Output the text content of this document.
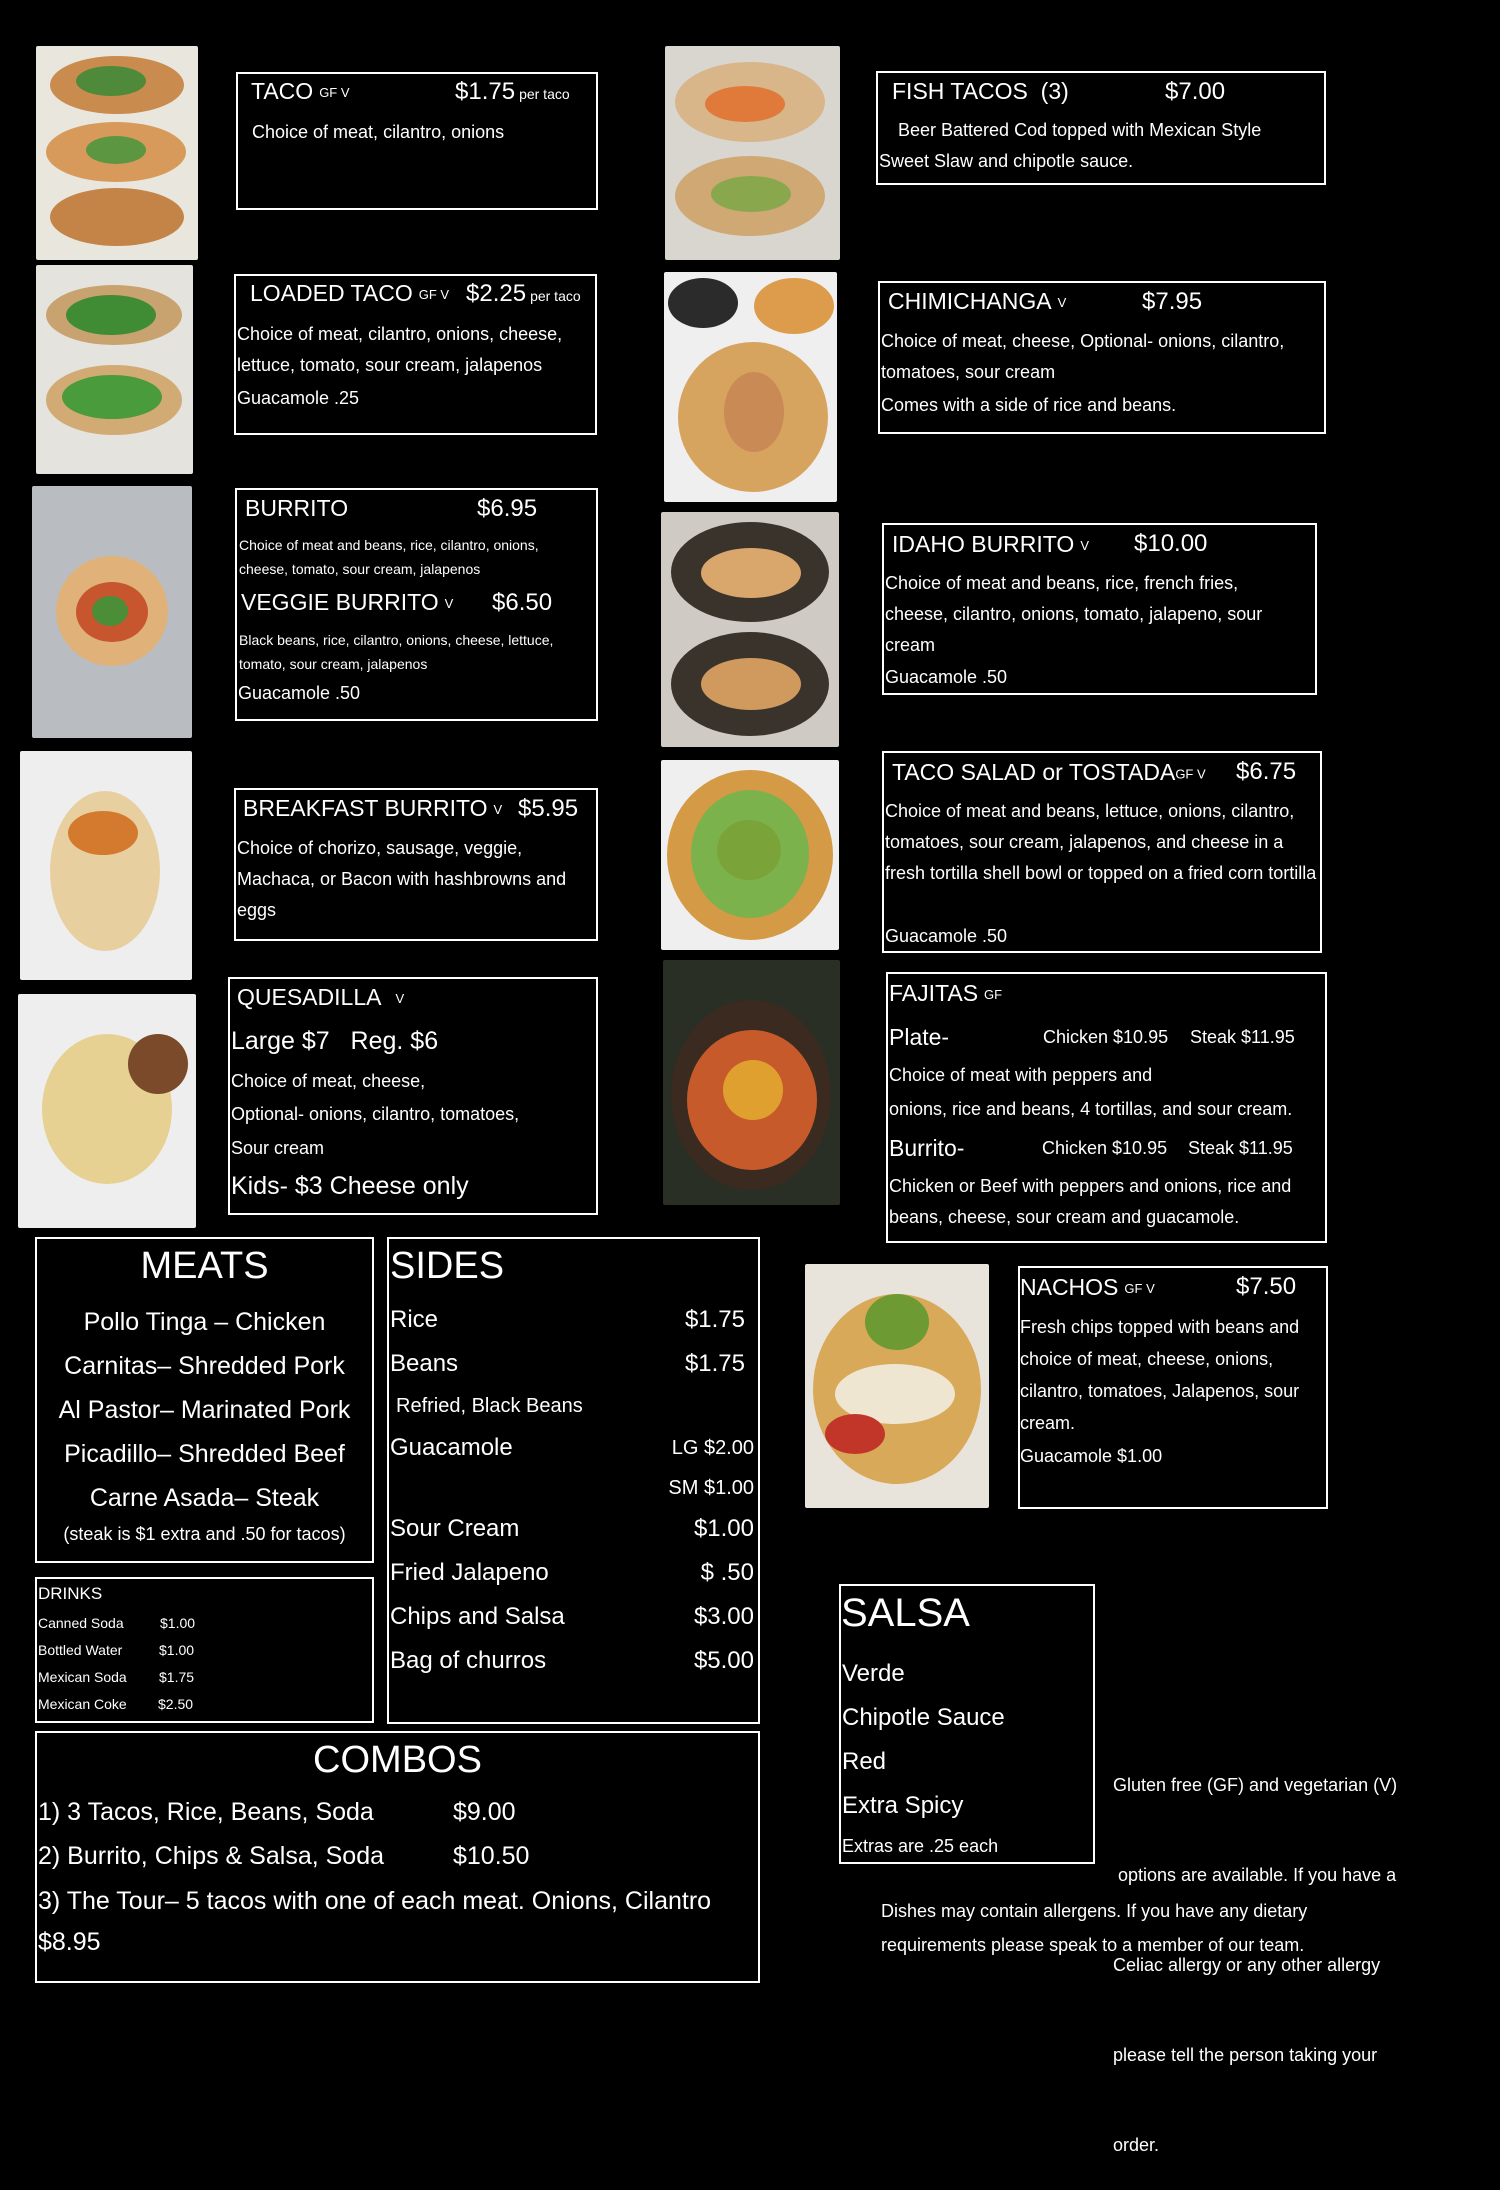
TACO GF V	$1.75 per taco
Choice of meat, cilantro, onions
LOADED TACO GF V $2.25 per taco
Choice of meat, cilantro, onions, cheese, lettuce, tomato, sour cream, jalapenos
Guacamole .25
BURRITO	$6.95
Choice of meat and beans, rice, cilantro, onions, cheese, tomato, sour cream, jalapenos
VEGGIE BURRITO V $6.50
Black beans, rice, cilantro, onions, cheese, lettuce, tomato, sour cream, jalapenos
Guacamole .50
BREAKFAST BURRITO V $5.95
Choice of chorizo, sausage, veggie, Machaca, or Bacon with hashbrowns and eggs
QUESADILLA V
Large $7   Reg. $6
Choice of meat, cheese,
Optional- onions, cilantro, tomatoes,
Sour cream
Kids- $3 Cheese only
FISH TACOS  (3)	$7.00
Beer Battered Cod topped with Mexican Style
Sweet Slaw and chipotle sauce.
CHIMICHANGA V	$7.95
Choice of meat, cheese, Optional- onions, cilantro, tomatoes, sour cream
Comes with a side of rice and beans.
IDAHO BURRITO V $10.00
Choice of meat and beans, rice, french fries, cheese, cilantro, onions, tomato, jalapeno, sour cream
Guacamole .50
TACO SALAD or TOSTADAGF V $6.75
Choice of meat and beans, lettuce, onions, cilantro, tomatoes, sour cream, jalapenos, and cheese in a fresh tortilla shell bowl or topped on a fried corn tortilla
Guacamole .50
FAJITAS GF
Plate-	Chicken $10.95 Steak $11.95
Choice of meat with peppers and
onions, rice and beans, 4 tortillas, and sour cream.
Burrito-	Chicken $10.95 Steak $11.95
Chicken or Beef with peppers and onions, rice and beans, cheese, sour cream and guacamole.
NACHOS GF V	$7.50
Fresh chips topped with beans and choice of meat, cheese, onions, cilantro, tomatoes, Jalapenos, sour cream.
Guacamole $1.00
MEATS
Pollo Tinga – Chicken
Carnitas– Shredded Pork
Al Pastor– Marinated Pork
Picadillo– Shredded Beef
Carne Asada– Steak
(steak is $1 extra and .50 for tacos)
SIDES
Rice	$1.75
Beans	$1.75
Refried, Black Beans
Guacamole	LG $2.00
SM $1.00
Sour Cream	$1.00
Fried Jalapeno	$ .50
Chips and Salsa	$3.00
Bag of churros	$5.00
DRINKS
Canned Soda	$1.00
Bottled Water	$1.00
Mexican Soda $1.75
Mexican Coke $2.50
COMBOS
1) 3 Tacos, Rice, Beans, Soda	$9.00
2) Burrito, Chips & Salsa, Soda	$10.50
3) The Tour– 5 tacos with one of each meat. Onions, Cilantro
$8.95
SALSA
Verde
Chipotle Sauce
Red
Extra Spicy
Extras are .25 each

Gluten free (GF) and vegetarian (V)

options are available. If you have a

Celiac allergy or any other allergy

please tell the person taking your

order.

Dishes may contain allergens. If you have any dietary
requirements please speak to a member of our team.
